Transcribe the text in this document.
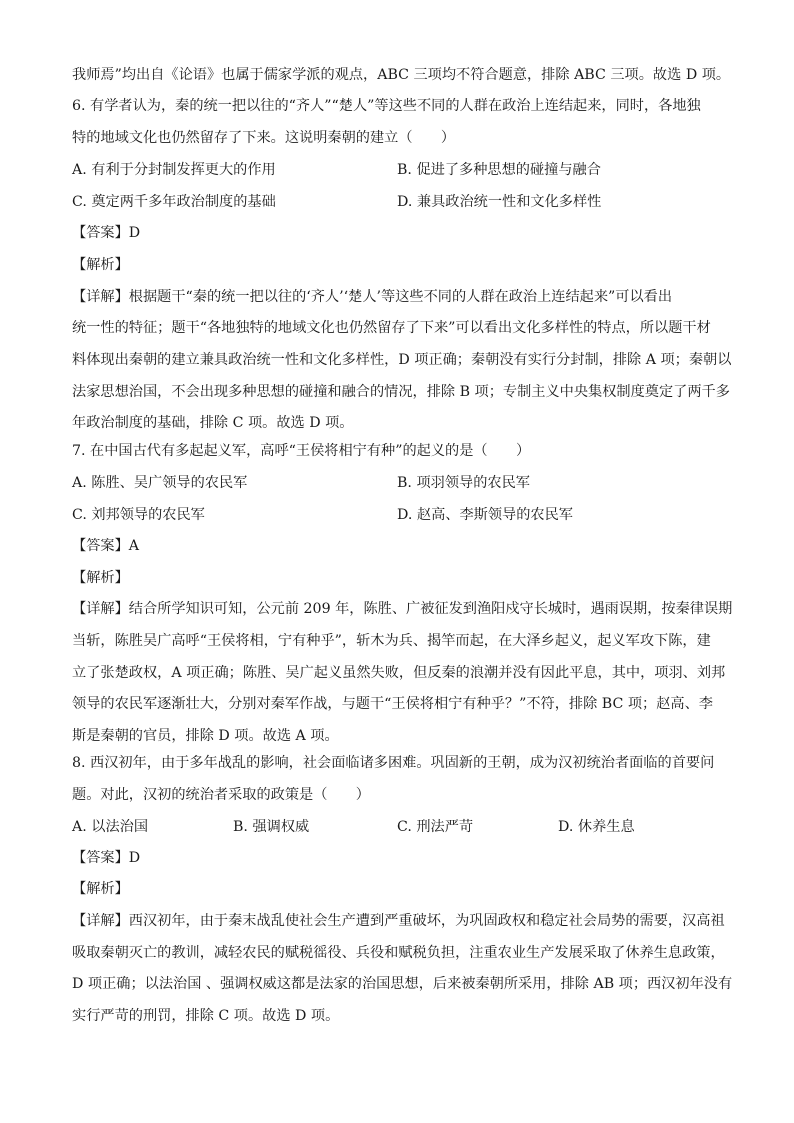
我师焉”均出自《论语》也属于儒家学派的观点，ABC 三项均不符合题意，排除 ABC 三项。故选 D 项。
6. 有学者认为，秦的统一把以往的“齐人”“楚人”等这些不同的人群在政治上连结起来，同时，各地独
特的地域文化也仍然留存了下来。这说明秦朝的建立（　　）
A. 有利于分封制发挥更大的作用	B. 促进了多种思想的碰撞与融合
C. 奠定两千多年政治制度的基础	D. 兼具政治统一性和文化多样性
【答案】D
【解析】
【详解】根据题干“秦的统一把以往的‘齐人’‘楚人’等这些不同的人群在政治上连结起来”可以看出
统一性的特征；题干“各地独特的地域文化也仍然留存了下来”可以看出文化多样性的特点，所以题干材
料体现出秦朝的建立兼具政治统一性和文化多样性，D 项正确；秦朝没有实行分封制，排除 A 项；秦朝以
法家思想治国，不会出现多种思想的碰撞和融合的情况，排除 B 项；专制主义中央集权制度奠定了两千多
年政治制度的基础，排除 C 项。故选 D 项。
7. 在中国古代有多起起义军，高呼“王侯将相宁有种”的起义的是（　　）
A. 陈胜、吴广领导的农民军	B. 项羽领导的农民军
C. 刘邦领导的农民军	D. 赵高、李斯领导的农民军
【答案】A
【解析】
【详解】结合所学知识可知，公元前 209 年，陈胜、广被征发到渔阳戍守长城时，遇雨误期，按秦律误期
当斩，陈胜吴广高呼“王侯将相，宁有种乎”，斩木为兵、揭竿而起，在大泽乡起义，起义军攻下陈，建
立了张楚政权，A 项正确；陈胜、吴广起义虽然失败，但反秦的浪潮并没有因此平息，其中，项羽、刘邦
领导的农民军逐渐壮大，分别对秦军作战，与题干“王侯将相宁有种乎？”不符，排除 BC 项；赵高、李
斯是秦朝的官员，排除 D 项。故选 A 项。
8. 西汉初年，由于多年战乱的影响，社会面临诸多困难。巩固新的王朝，成为汉初统治者面临的首要问
题。对此，汉初的统治者采取的政策是（　　）
A. 以法治国	B. 强调权威	C. 刑法严苛	D. 休养生息
【答案】D
【解析】
【详解】西汉初年，由于秦末战乱使社会生产遭到严重破坏，为巩固政权和稳定社会局势的需要，汉高祖
吸取秦朝灭亡的教训，减轻农民的赋税徭役、兵役和赋税负担，注重农业生产发展采取了休养生息政策，
D 项正确；以法治国 、强调权威这都是法家的治国思想，后来被秦朝所采用，排除 AB 项；西汉初年没有
实行严苛的刑罚，排除 C 项。故选 D 项。
